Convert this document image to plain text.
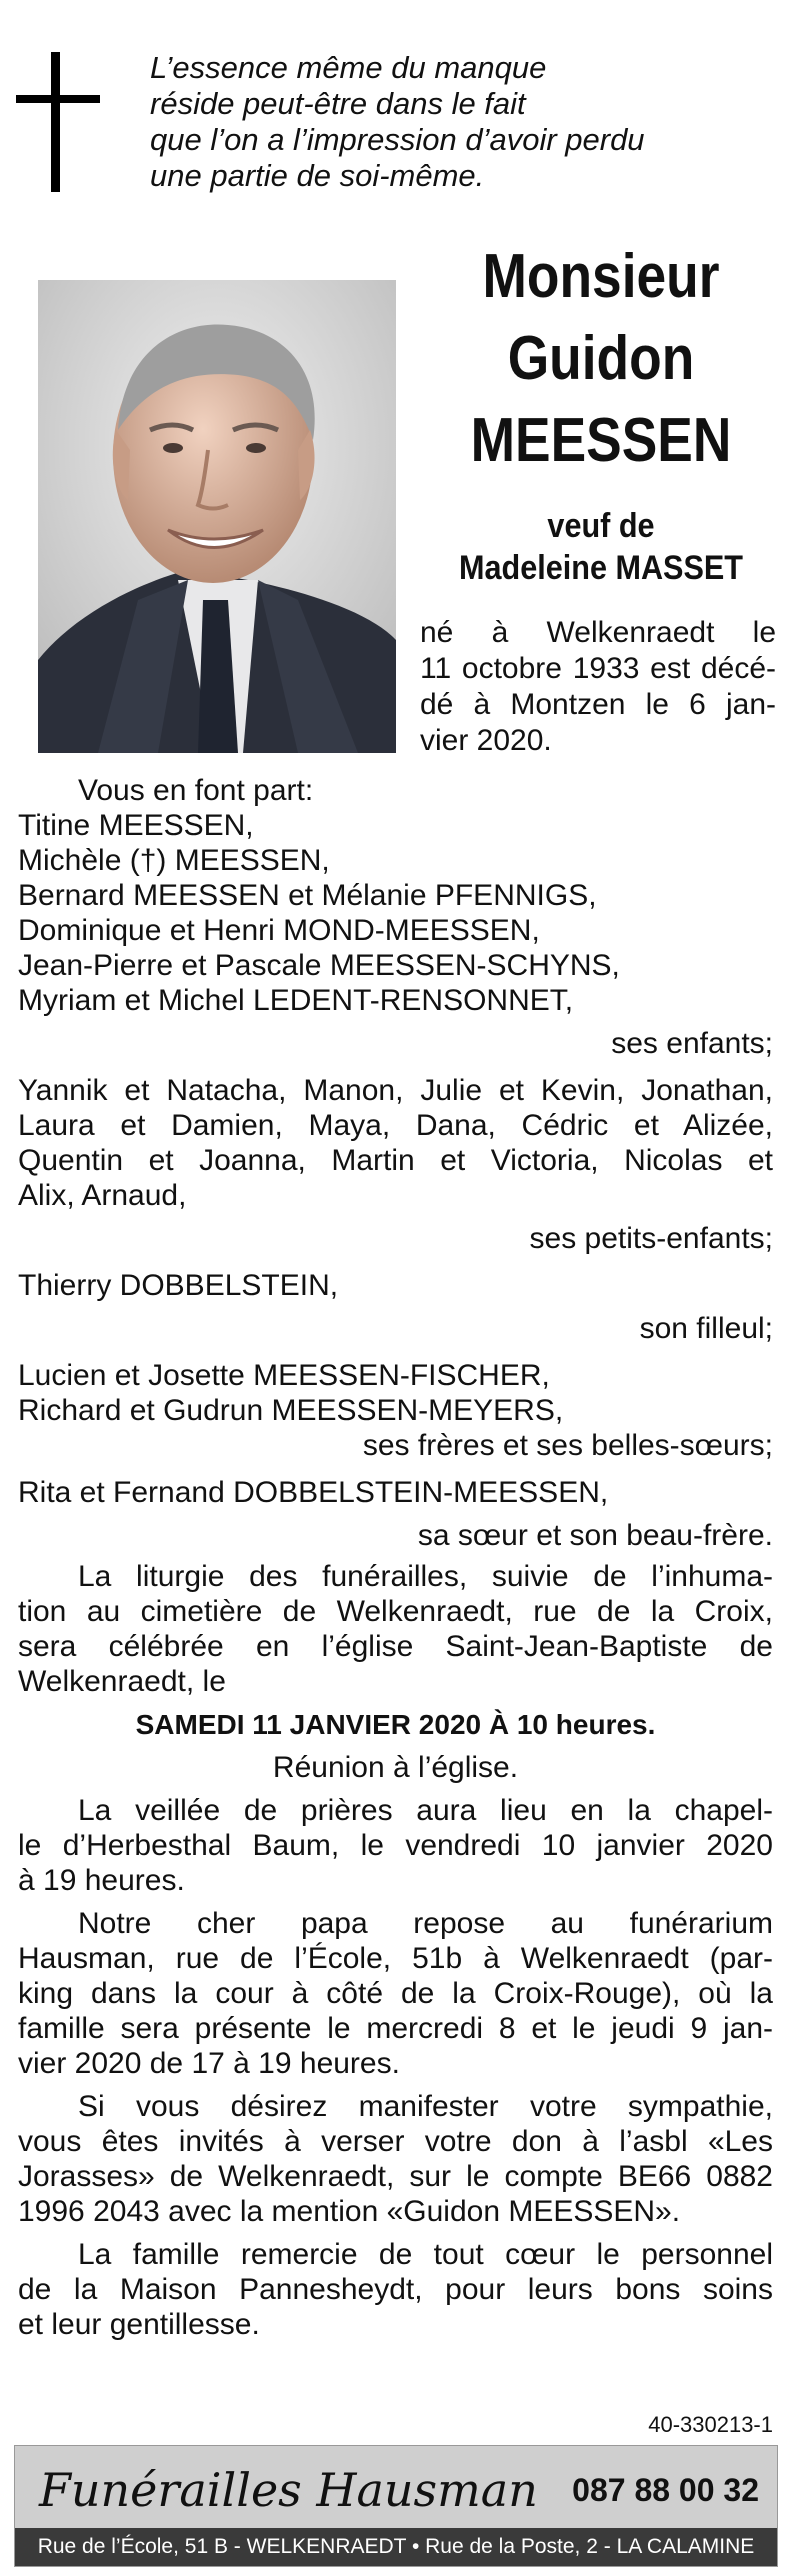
L’essence même du manque
réside peut-être dans le fait
que l’on a l’impression d’avoir perdu
une partie de soi-même.
Monsieur
Guidon
MEESSEN
veuf de
Madeleine MASSET
né à Welkenraedt le
11 octobre 1933 est décé-
dé à Montzen le 6 jan-
vier 2020.
Vous en font part:
Titine MEESSEN,
Michèle (†) MEESSEN,
Bernard MEESSEN et Mélanie PFENNIGS,
Dominique et Henri MOND-MEESSEN,
Jean-Pierre et Pascale MEESSEN-SCHYNS,
Myriam et Michel LEDENT-RENSONNET,
ses enfants;
Yannik et Natacha, Manon, Julie et Kevin, Jonathan,
Laura et Damien, Maya, Dana, Cédric et Alizée,
Quentin et Joanna, Martin et Victoria, Nicolas et
Alix, Arnaud,
ses petits-enfants;
Thierry DOBBELSTEIN,
son filleul;
Lucien et Josette MEESSEN-FISCHER,
Richard et Gudrun MEESSEN-MEYERS,
ses frères et ses belles-sœurs;
Rita et Fernand DOBBELSTEIN-MEESSEN,
sa sœur et son beau-frère.
La liturgie des funérailles, suivie de l’inhuma-
tion au cimetière de Welkenraedt, rue de la Croix,
sera célébrée en l’église Saint-Jean-Baptiste de
Welkenraedt, le
SAMEDI 11 JANVIER 2020 À 10 heures.
Réunion à l’église.
La veillée de prières aura lieu en la chapel-
le d’Herbesthal Baum, le vendredi 10 janvier 2020
à 19 heures.
Notre cher papa repose au funérarium
Hausman, rue de l’École, 51b à Welkenraedt (par-
king dans la cour à côté de la Croix-Rouge), où la
famille sera présente le mercredi 8 et le jeudi 9 jan-
vier 2020 de 17 à 19 heures.
Si vous désirez manifester votre sympathie,
vous êtes invités à verser votre don à l’asbl «Les
Jorasses» de Welkenraedt, sur le compte BE66 0882
1996 2043 avec la mention «Guidon MEESSEN».
La famille remercie de tout cœur le personnel
de la Maison Pannesheydt, pour leurs bons soins
et leur gentillesse.
40-330213-1
Funérailles Hausman 087 88 00 32
Rue de l’École, 51 B - WELKENRAEDT • Rue de la Poste, 2 - LA CALAMINE
